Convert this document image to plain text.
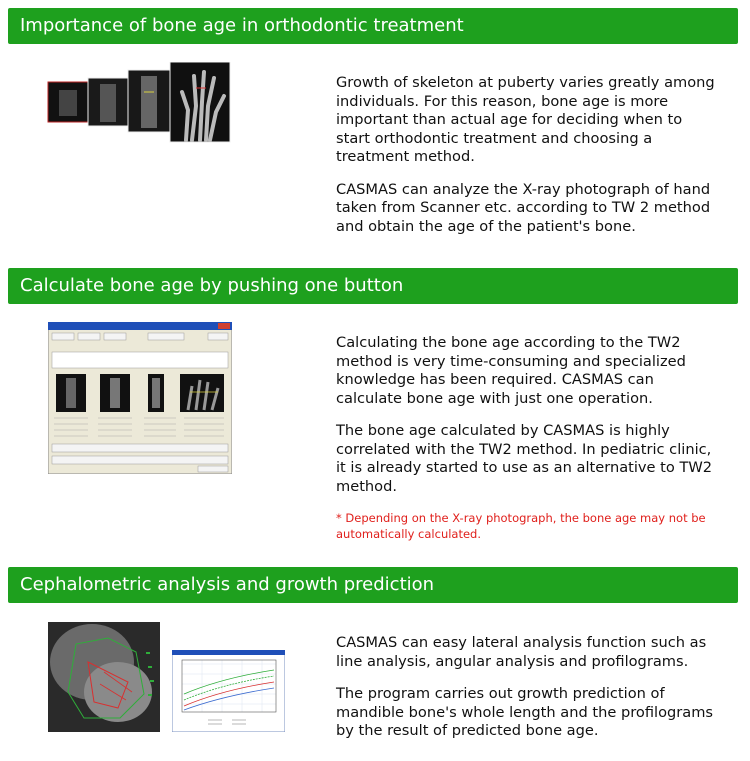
Importance of bone age in orthodontic treatment

Growth of skeleton at puberty varies greatly among individuals. For this reason, bone age is more important than actual age for deciding when to start orthodontic treatment and choosing a treatment method.

CASMAS can analyze the X-ray photograph of hand taken from Scanner etc. according to TW 2 method and obtain the age of the patient's bone.

Calculate bone age by pushing one button

Calculating the bone age according to the TW2 method is very time-consuming and specialized knowledge has been required. CASMAS can calculate bone age with just one operation.

The bone age calculated by CASMAS is highly correlated with the TW2 method. In pediatric clinic, it is already started to use as an alternative to TW2 method.

* Depending on the X-ray photograph, the bone age may not be automatically calculated.

Cephalometric analysis and growth prediction

CASMAS can easy lateral analysis function such as line analysis, angular analysis and profilograms.

The program carries out growth prediction of mandible bone's whole length and the profilograms by the result of predicted bone age.
